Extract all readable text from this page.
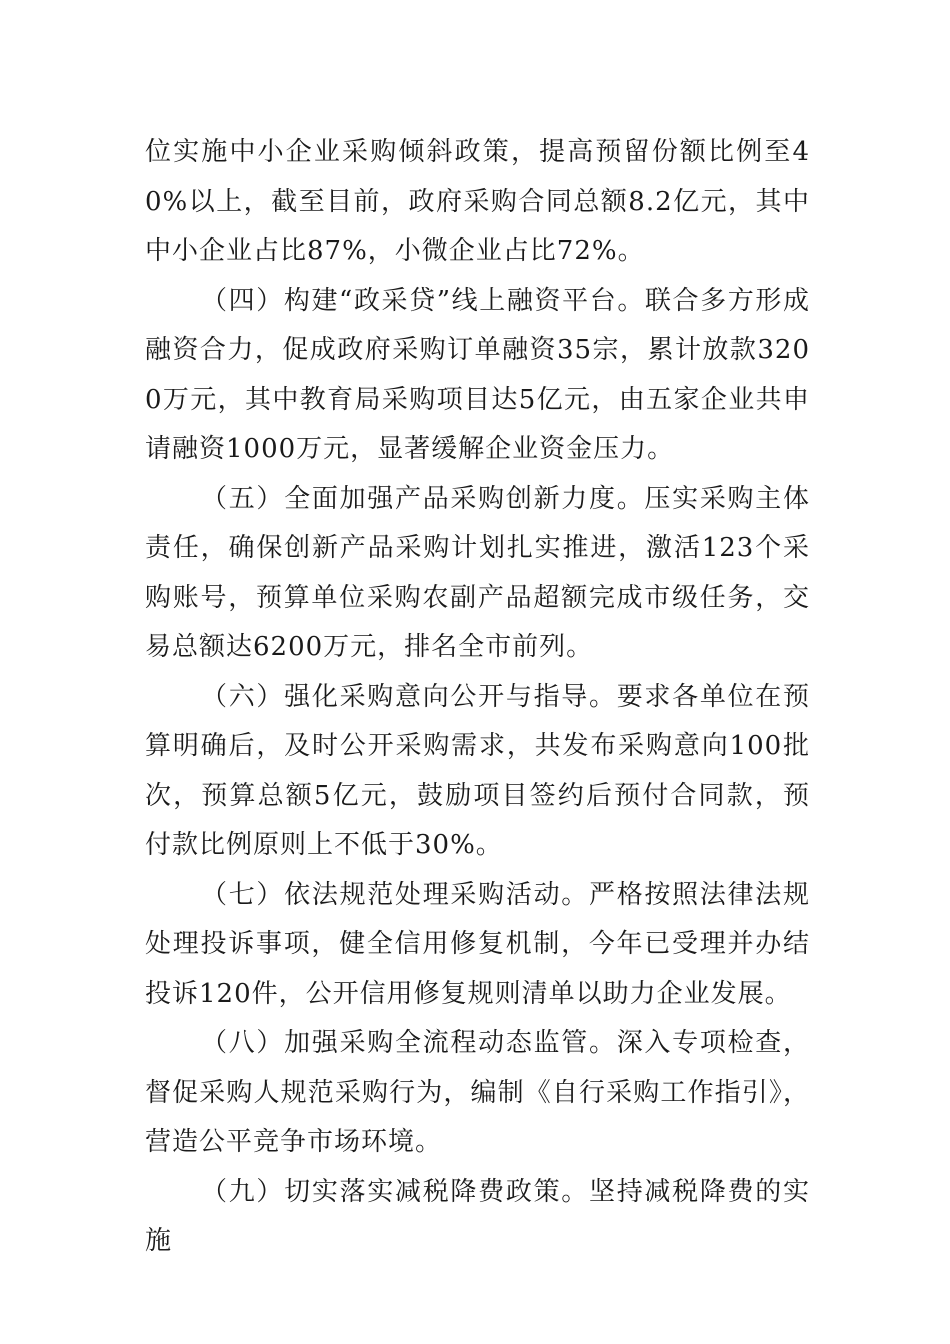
位实施中小企业采购倾斜政策，提高预留份额比例至40%以上，截至目前，政府采购合同总额8.2亿元，其中中小企业占比87%，小微企业占比72%。

（四）构建“政采贷”线上融资平台。联合多方形成融资合力，促成政府采购订单融资35宗，累计放款3200万元，其中教育局采购项目达5亿元，由五家企业共申请融资1000万元，显著缓解企业资金压力。

（五）全面加强产品采购创新力度。压实采购主体责任，确保创新产品采购计划扎实推进，激活123个采购账号，预算单位采购农副产品超额完成市级任务，交易总额达6200万元，排名全市前列。

（六）强化采购意向公开与指导。要求各单位在预算明确后，及时公开采购需求，共发布采购意向100批次，预算总额5亿元，鼓励项目签约后预付合同款，预付款比例原则上不低于30%。

（七）依法规范处理采购活动。严格按照法律法规处理投诉事项，健全信用修复机制，今年已受理并办结投诉120件，公开信用修复规则清单以助力企业发展。

（八）加强采购全流程动态监管。深入专项检查，督促采购人规范采购行为，编制《自行采购工作指引》，营造公平竞争市场环境。

（九）切实落实减税降费政策。坚持减税降费的实施
